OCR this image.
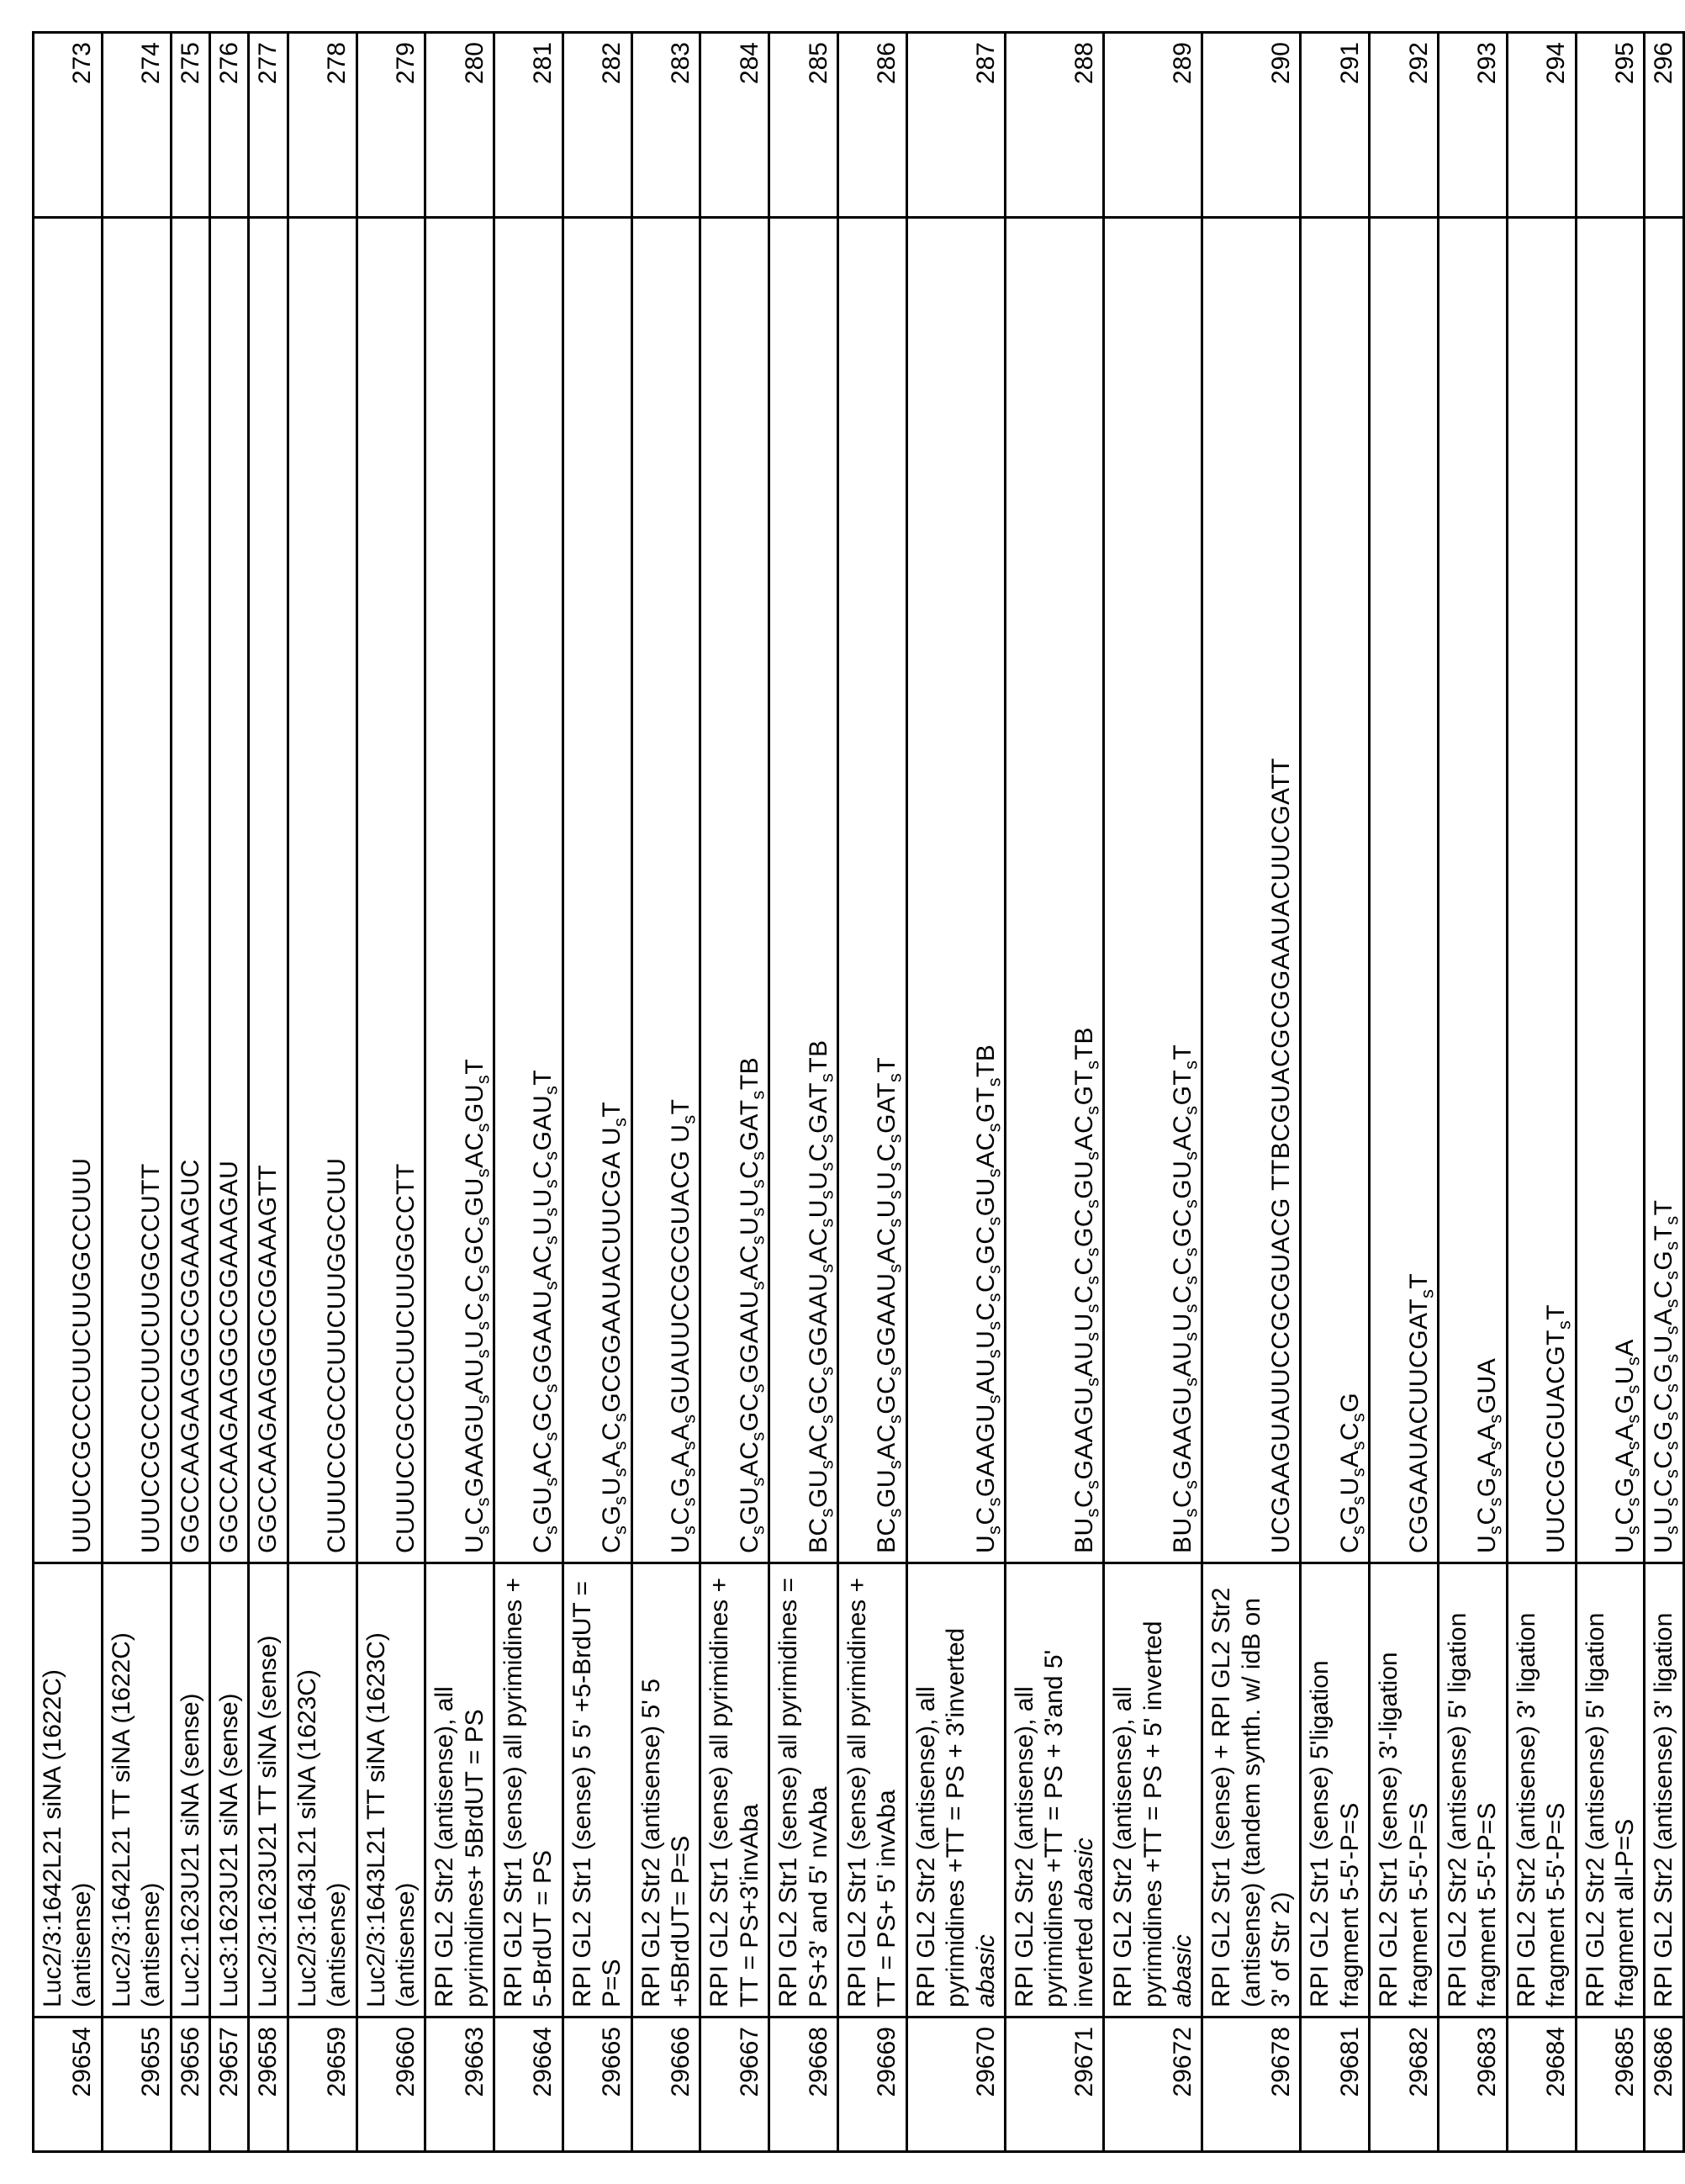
29654	Luc2/3:1642L21 siNA (1622C) (antisense)	UUUCCGCCCUUCUUGGCCUUU	273
29655	Luc2/3:1642L21 TT siNA (1622C) (antisense)	UUUCCGCCCUUCUUGGCCUTT	274
29656	Luc2:1623U21 siNA (sense)	GGCCAAGAAGGGCGGAAAGUC	275
29657	Luc3:1623U21 siNA (sense)	GGCCAAGAAGGGCGGAAAGAU	276
29658	Luc2/3:1623U21 TT siNA (sense)	GGCCAAGAAGGGCGGAAAGTT	277
29659	Luc2/3:1643L21 siNA (1623C) (antisense)	CUUUCCGCCCUUCUUGGCCUU	278
29660	Luc2/3:1643L21 TT siNA (1623C) (antisense)	CUUUCCGCCCUUCUUGGCCTT	279
29663	RPI GL2 Str2 (antisense), all pyrimidines+ 5BrdUT = PS	$U_sC_sGAAGU_sAU_sU_sC_sC_sGC_sGU_sAC_sGU_sT$	280
29664	RPI GL2 Str1 (sense) all pyrimidines + 5-BrdUT = PS	$C_sGU_sAC_sGC_sGGAAU_sAC_sU_sU_sC_sGAU_sT$	281
29665	RPI GL2 Str1 (sense) 5 5' +5-BrdUT = P=S	$C_sG_sU_sA_sC_sGCGGAAUACUUCGA$ $U_sT$	282
29666	RPI GL2 Str2 (antisense) 5' 5 +5BrdUT= P=S	$U_sC_sG_sA_sA_sGUAUUCCGCGUACG$ $U_sT$	283
29667	RPI GL2 Str1 (sense) all pyrimidines + TT = PS+3'invAba	$C_sGU_sAC_sGC_sGGAAU_sAC_sU_sU_sC_sGAT_sTB$	284
29668	RPI GL2 Str1 (sense) all pyrimidines = PS+3' and 5' nvAba	$BC_sGU_sAC_sGC_sGGAAU_sAC_sU_sU_sC_sGAT_sTB$	285
29669	RPI GL2 Str1 (sense) all pyrimidines + TT = PS+ 5' invAba	$BC_sGU_sAC_sGC_sGGAAU_sAC_sU_sU_sC_sGAT_sT$	286
29670	RPI GL2 Str2 (antisense), all pyrimidines +TT = PS + 3'inverted abasic	$U_sC_sGAAGU_sAU_sU_sC_sC_sGC_sGU_sAC_sGT_sTB$	287
29671	RPI GL2 Str2 (antisense), all pyrimidines +TT = PS + 3'and 5' inverted abasic	$BU_sC_sGAAGU_sAU_sU_sC_sC_sGC_sGU_sAC_sGT_sTB$	288
29672	RPI GL2 Str2 (antisense), all pyrimidines +TT = PS + 5' inverted abasic	$BU_sC_sGAAGU_sAU_sU_sC_sC_sGC_sGU_sAC_sGT_sT$	289
29678	RPI GL2 Str1 (sense) + RPI GL2 Str2 (antisense) (tandem synth. w/ idB on 3' of Str 2)	UCGAAGUAUUCCGCGUACG TTBCGUACGCGGAAUACUUCGATT	290
29681	RPI GL2 Str1 (sense) 5'ligation fragment 5-5'-P=S	$C_sG_sU_sA_sC_sG$	291
29682	RPI GL2 Str1 (sense) 3'-ligation fragment 5-5'-P=S	$CGGAAUACUUCGAT_sT$	292
29683	RPI GL2 Str2 (antisense) 5' ligation fragment 5-5'-P=S	$U_sC_sG_sA_sA_sGUA$	293
29684	RPI GL2 Str2 (antisense) 3' ligation fragment 5-5'-P=S	$UUCCGCGUACGT_sT$	294
29685	RPI GL2 Str2 (antisense) 5' ligation fragment all-P=S	$U_sC_sG_sA_sA_sG_sU_sA$	295
29686	RPI GL2 Str2 (antisense) 3' ligation	$U_sU_sC_sC_sG_sC_sG_sU_sA_sC_sG_sT_sT$	296
